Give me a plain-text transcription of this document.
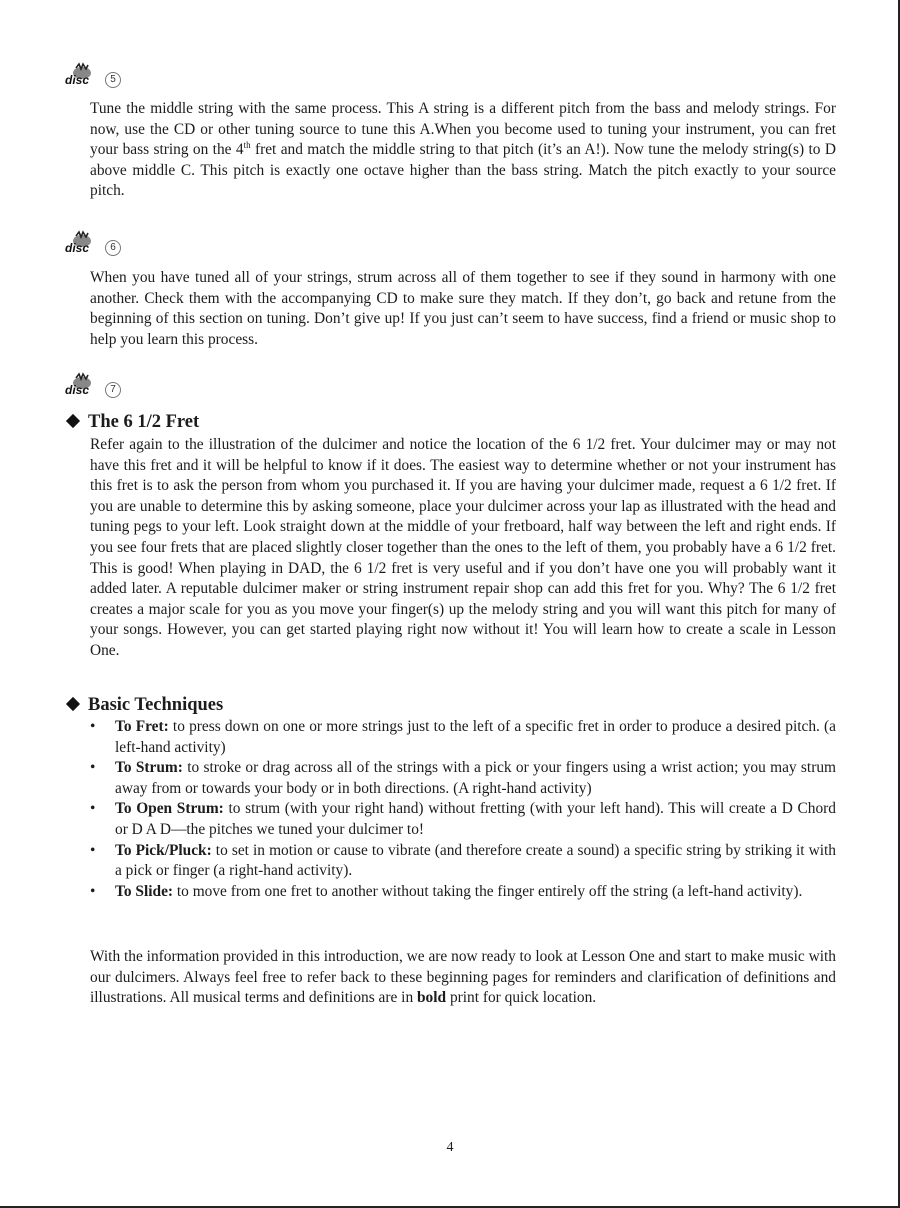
disc	5

Tune the middle string with the same process. This A string is a different pitch from the bass and melody strings. For now, use the CD or other tuning source to tune this A.When you become used to tuning your instrument, you can fret your bass string on the 4th fret and match the middle string to that pitch (it’s an A!). Now tune the melody string(s) to D above middle C. This pitch is exactly one octave higher than the bass string. Match the pitch exactly to your source pitch.

disc	6

When you have tuned all of your strings, strum across all of them together to see if they sound in harmony with one another. Check them with the accompanying CD to make sure they match. If they don’t, go back and retune from the beginning of this section on tuning. Don’t give up! If you just can’t seem to have success, find a friend or music shop to help you learn this process.

disc	7
The 6 1/2 Fret

Refer again to the illustration of the dulcimer and notice the location of the 6 1/2 fret. Your dulcimer may or may not have this fret and it will be helpful to know if it does. The easiest way to determine whether or not your instrument has this fret is to ask the person from whom you purchased it. If you are having your dulcimer made, request a 6 1/2 fret. If you are unable to determine this by asking someone, place your dulcimer across your lap as illustrated with the head and tuning pegs to your left. Look straight down at the middle of your fretboard, half way between the left and right ends. If you see four frets that are placed slightly closer together than the ones to the left of them, you probably have a 6 1/2 fret. This is good! When playing in DAD, the 6 1/2 fret is very useful and if you don’t have one you will probably want it added later. A reputable dulcimer maker or string instrument repair shop can add this fret for you. Why? The 6 1/2 fret creates a major scale for you as you move your finger(s) up the melody string and you will want this pitch for many of your songs. However, you can get started playing right now without it! You will learn how to create a scale in Lesson One.

Basic Techniques
• To Fret: to press down on one or more strings just to the left of a specific fret in order to produce a desired pitch. (a left-hand activity)
• To Strum: to stroke or drag across all of the strings with a pick or your fingers using a wrist action; you may strum away from or towards your body or in both directions. (A right-hand activity)
• To Open Strum: to strum (with your right hand) without fretting (with your left hand). This will create a D Chord or D A D—the pitches we tuned your dulcimer to!
• To Pick/Pluck: to set in motion or cause to vibrate (and therefore create a sound) a specific string by striking it with a pick or finger (a right-hand activity).
• To Slide: to move from one fret to another without taking the finger entirely off the string (a left-hand activity).

With the information provided in this introduction, we are now ready to look at Lesson One and start to make music with our dulcimers. Always feel free to refer back to these beginning pages for reminders and clarification of definitions and illustrations. All musical terms and definitions are in bold print for quick location.

4
